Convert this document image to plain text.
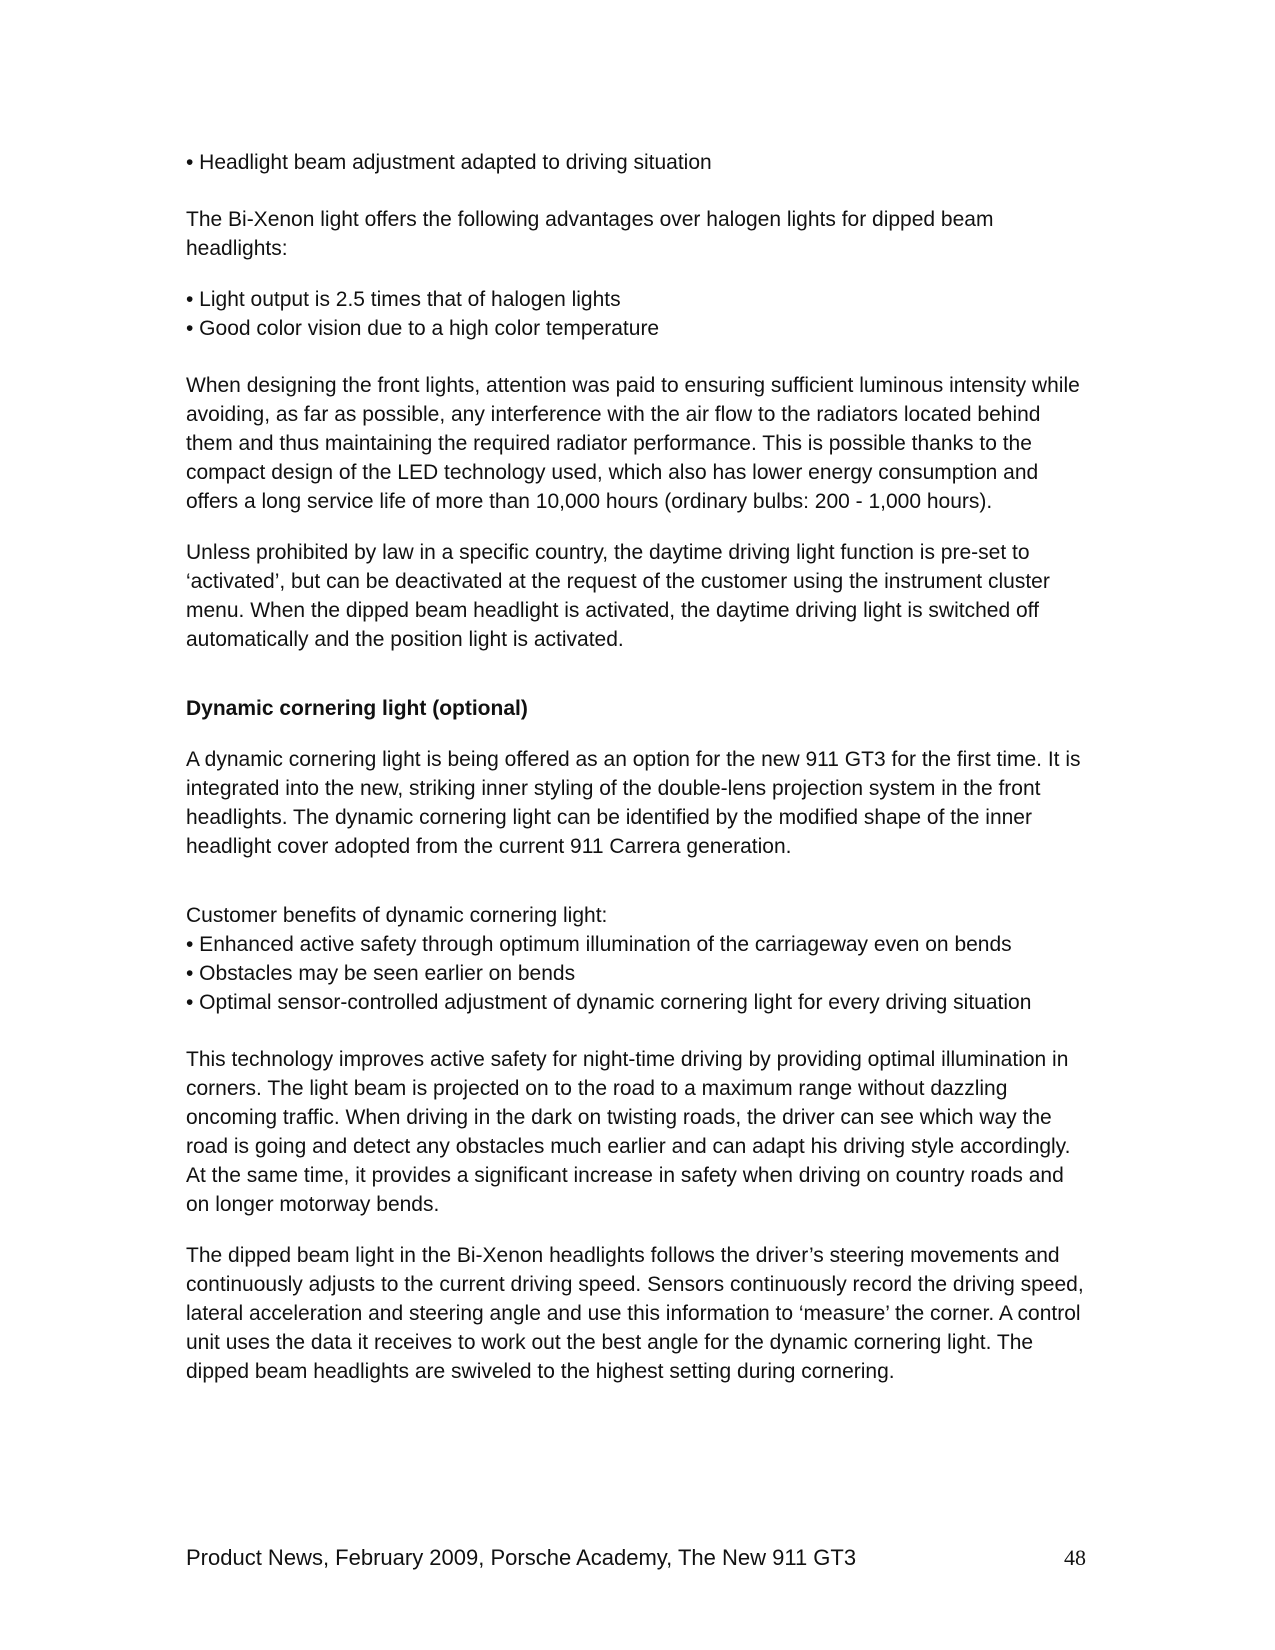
• Headlight beam adjustment adapted to driving situation
The Bi-Xenon light offers the following advantages over halogen lights for dipped beam headlights:
• Light output is 2.5 times that of halogen lights
• Good color vision due to a high color temperature
When designing the front lights, attention was paid to ensuring sufficient luminous intensity while avoiding, as far as possible, any interference with the air flow to the radiators located behind them and thus maintaining the required radiator performance. This is possible thanks to the compact design of the LED technology used, which also has lower energy consumption and offers a long service life of more than 10,000 hours (ordinary bulbs: 200 - 1,000 hours).
Unless prohibited by law in a specific country, the daytime driving light function is pre-set to ‘activated’, but can be deactivated at the request of the customer using the instrument cluster menu. When the dipped beam headlight is activated, the daytime driving light is switched off automatically and the position light is activated.
Dynamic cornering light (optional)
A dynamic cornering light is being offered as an option for the new 911 GT3 for the first time. It is integrated into the new, striking inner styling of the double-lens projection system in the front headlights. The dynamic cornering light can be identified by the modified shape of the inner headlight cover adopted from the current 911 Carrera generation.
Customer benefits of dynamic cornering light:
• Enhanced active safety through optimum illumination of the carriageway even on bends
• Obstacles may be seen earlier on bends
• Optimal sensor-controlled adjustment of dynamic cornering light for every driving situation
This technology improves active safety for night-time driving by providing optimal illumination in corners. The light beam is projected on to the road to a maximum range without dazzling oncoming traffic. When driving in the dark on twisting roads, the driver can see which way the road is going and detect any obstacles much earlier and can adapt his driving style accordingly. At the same time, it provides a significant increase in safety when driving on country roads and on longer motorway bends.
The dipped beam light in the Bi-Xenon headlights follows the driver’s steering movements and continuously adjusts to the current driving speed. Sensors continuously record the driving speed, lateral acceleration and steering angle and use this information to ‘measure’ the corner. A control unit uses the data it receives to work out the best angle for the dynamic cornering light. The dipped beam headlights are swiveled to the highest setting during cornering.
Product News, February 2009, Porsche Academy, The New 911 GT3	48
